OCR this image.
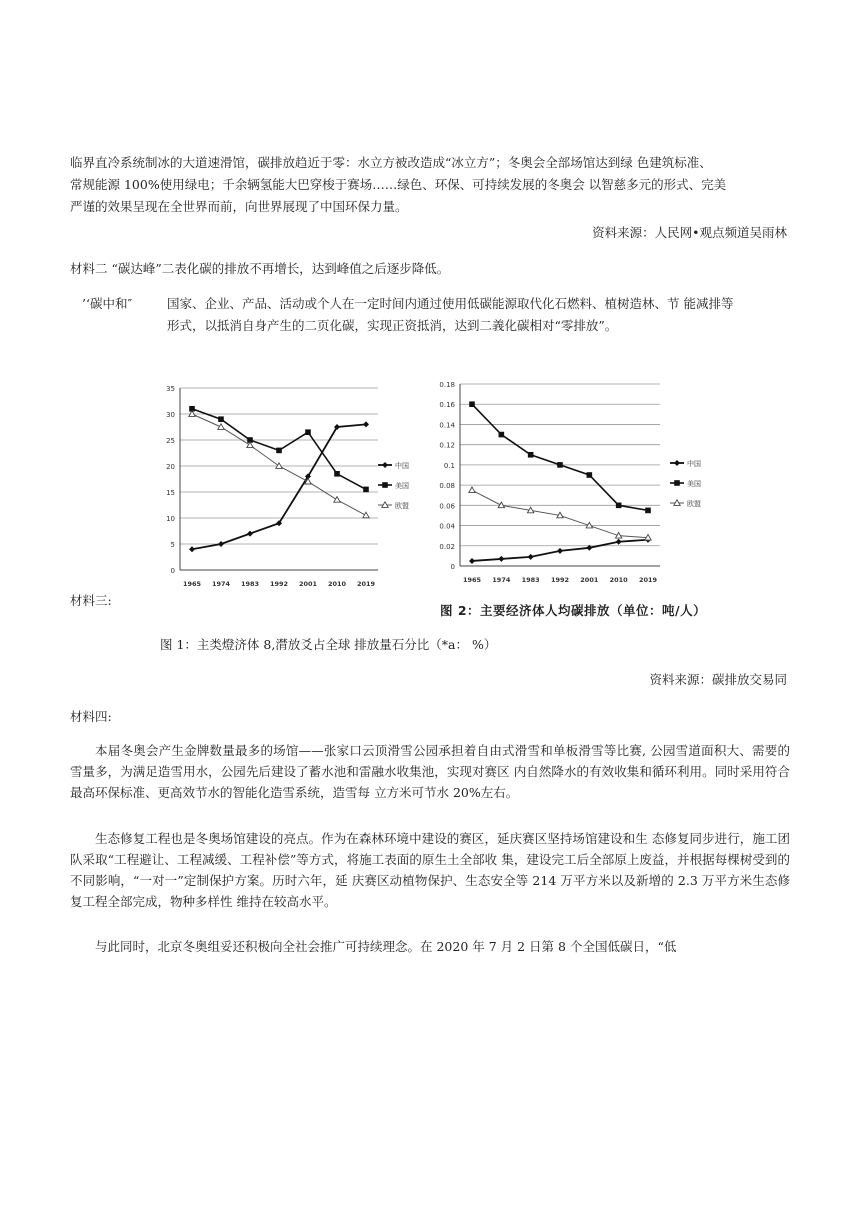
临界直冷系统制冰的大道速滑馆，碳排放趋近于零：水立方被改造成“冰立方”；冬奥会全部场馆达到绿 色建筑标准、
常规能源 100%使用绿电；千余辆氢能大巴穿梭于赛场……绿色、环保、可持续发展的冬奥会 以智慈多元的形式、完美
严谨的效果呈现在全世界而前，向世界展现了中国环保力量。
资料来源：人民网•观点频道吴雨林
材料二 “碳达峰”二表化碳的排放不再增长，达到峰值之后逐步降低。
’‘碳中和″	国家、企业、产品、活动或个人在一定时间内通过使用低碳能源取代化石燃料、植树造林、节 能减排等
形式，以抵消自身产生的二页化碳，实现正资抵消，达到二義化碳相对“零排放”。
材料三:
0
5
10
15
20
25
30
35
1965 1974 1983 1992 2001 2010 2019
中国
美国
欧盟
0
0.02
0.04
0.06
0.08
0.1
0.12
0.14
0.16
0.18
1965 1974 1983 1992 2001 2010 2019
中国
美国
欧盟
图 2：主要经济体人均碳排放（单位：吨/人）
图 1：主类燈济体 8,潸放爻占全球 排放量石分比（*a： %）
资料来源：碳排放交易同
材料四:
本届冬奥会产生金牌数量最多的场馆——张家口云顶滑雪公园承担着自由式滑雪和单板滑雪等比赛, 公园雪道面积大、需要的雪量多，为满足造雪用水，公园先后建设了蓄水池和雷融水收集池，实现对赛区 内自然降水的有效收集和循环利用。同时采用符合最高环保标准、更高效节水的智能化造雪系统，造雪每 立方米可节水 20%左右。
生态修复工程也是冬奥场馆建设的亮点。作为在森林环境中建设的赛区，延庆赛区坚持场馆建设和生 态修复同步进行，施工团队采取“工程避让、工程减缓、工程补偿”等方式，将施工表面的原生土全部收 集，建设完工后全部原上废益，并根据每棵树受到的不同影响，“一对一”定制保护方案。历时六年，延 庆赛区动植物保护、生态安全等 214 万平方米以及新增的 2.3 万平方米生态修复工程全部完成，物种多样性 维持在较高水平。
与此同时，北京冬奥组妥还积极向全社会推广可持续理念。在 2020 年 7 月 2 日第 8 个全国低碳日，“低
